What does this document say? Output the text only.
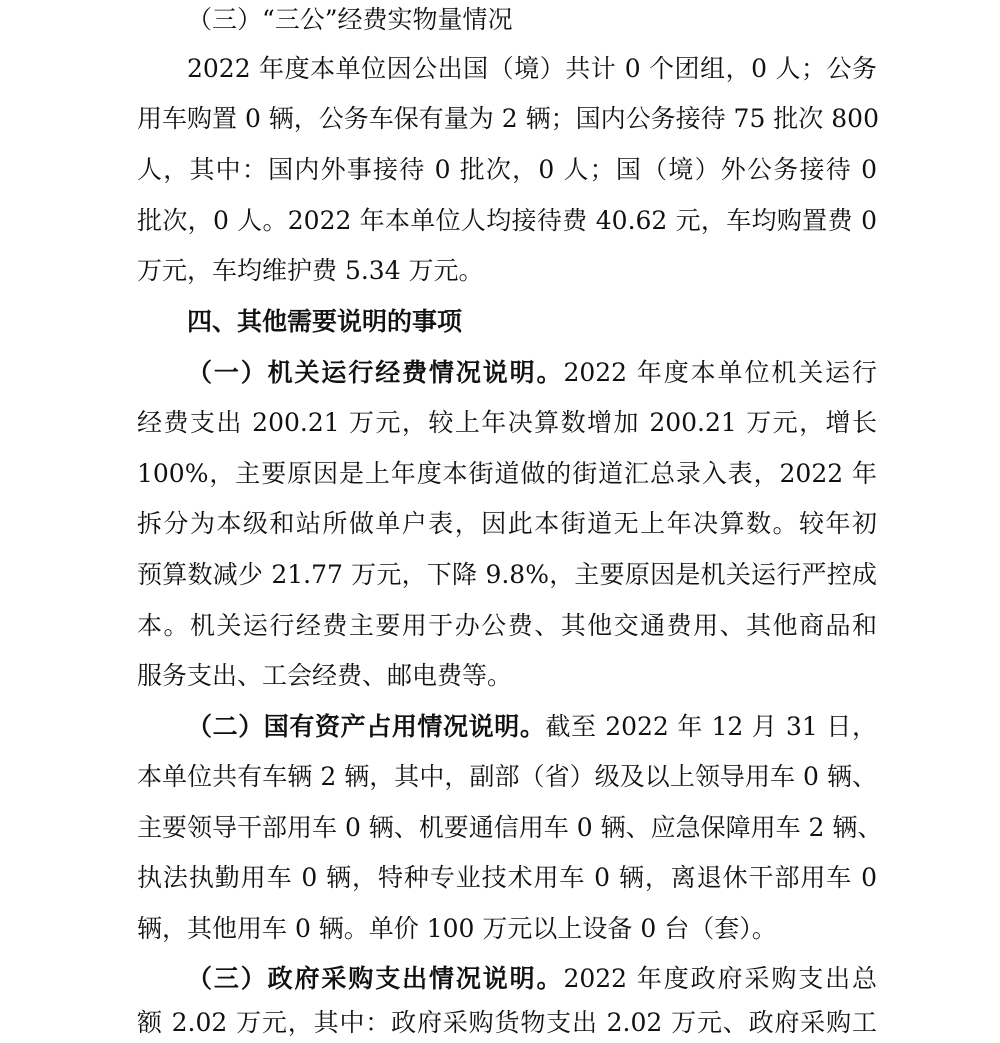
（三）“三公”经费实物量情况
2022 年度本单位因公出国（境）共计 0 个团组，0 人；公务
用车购置 0 辆，公务车保有量为 2 辆；国内公务接待 75 批次 800
人，其中：国内外事接待 0 批次，0 人；国（境）外公务接待 0
批次，0 人。2022 年本单位人均接待费 40.62 元，车均购置费 0
万元，车均维护费 5.34 万元。
四、其他需要说明的事项
（一）机关运行经费情况说明。2022 年度本单位机关运行
经费支出 200.21 万元，较上年决算数增加 200.21 万元，增长
100%，主要原因是上年度本街道做的街道汇总录入表，2022 年
拆分为本级和站所做单户表，因此本街道无上年决算数。较年初
预算数减少 21.77 万元，下降 9.8%，主要原因是机关运行严控成
本。机关运行经费主要用于办公费、其他交通费用、其他商品和
服务支出、工会经费、邮电费等。
（二）国有资产占用情况说明。截至 2022 年 12 月 31 日，
本单位共有车辆 2 辆，其中，副部（省）级及以上领导用车 0 辆、
主要领导干部用车 0 辆、机要通信用车 0 辆、应急保障用车 2 辆、
执法执勤用车 0 辆，特种专业技术用车 0 辆，离退休干部用车 0
辆，其他用车 0 辆。单价 100 万元以上设备 0 台（套）。
（三）政府采购支出情况说明。2022 年度政府采购支出总
额 2.02 万元，其中：政府采购货物支出 2.02 万元、政府采购工
